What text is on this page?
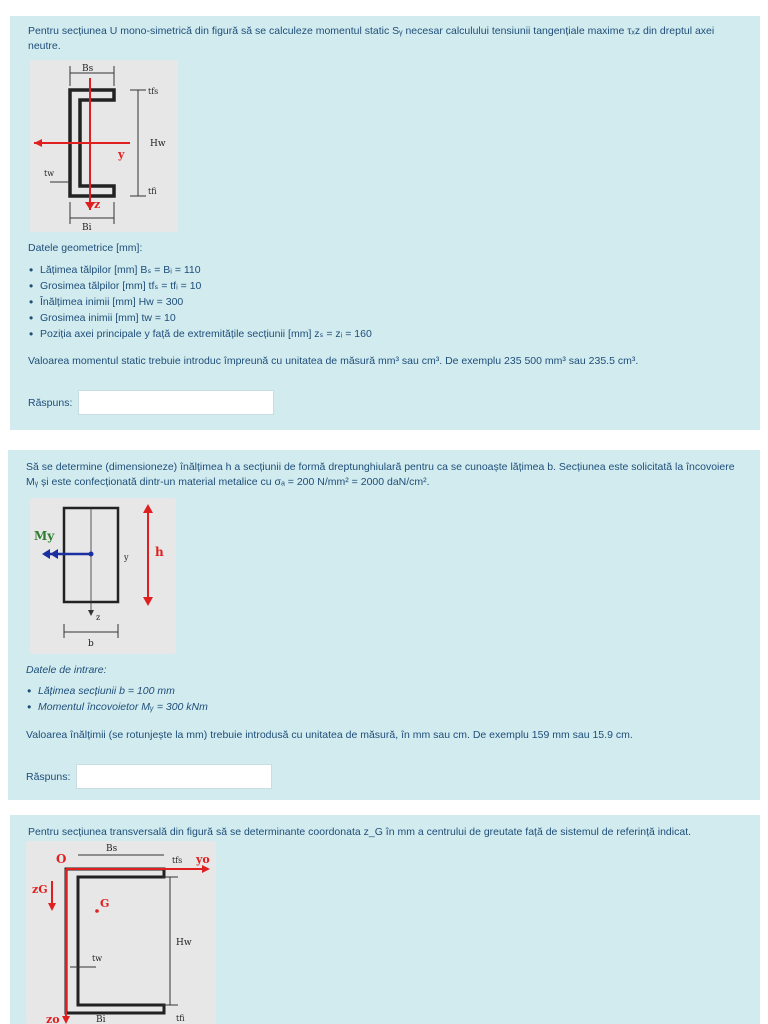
Pentru secțiunea U mono-simetrică din figură să se calculeze momentul static Sᵧ necesar calculului tensiunii tangențiale maxime τₓz din dreptul axei neutre.
Bs
Bi
Hw
tfs
tfi
tw
y
z
Datele geometrice [mm]:
• Lățimea tălpilor [mm] Bₛ = Bᵢ = 110
• Grosimea tălpilor [mm] tfₛ = tfᵢ = 10
• Înălțimea inimii [mm] Hw = 300
• Grosimea inimii [mm] tw = 10
• Poziția axei principale y față de extremitățile secțiunii [mm] zₛ = zᵢ = 160
Valoarea momentul static trebuie introduc împreună cu unitatea de măsură mm³ sau cm³. De exemplu 235 500 mm³ sau 235.5 cm³.
Răspuns:
Să se determine (dimensioneze) înălțimea h a secțiunii de formă dreptunghiulară pentru ca se cunoaște lățimea b. Secțiunea este solicitată la încovoiere Mᵧ și este confecționată dintr-un material metalice cu σₐ = 200 N/mm² = 2000 daN/cm².
z
y
My
h
b
Datele de intrare:
• Lățimea secțiunii b = 100 mm
• Momentul încovoietor Mᵧ = 300 kNm
Valoarea înălțimii (se rotunjește la mm) trebuie introdusă cu unitatea de măsură, în mm sau cm. De exemplu 159 mm sau 15.9 cm.
Răspuns:
Pentru secțiunea transversală din figură să se determinante coordonata z_G în mm a centrului de greutate față de sistemul de referință indicat.
O	yo
zo
zG
G
Bs
tfs
Hw
tfi
tw
Bi
